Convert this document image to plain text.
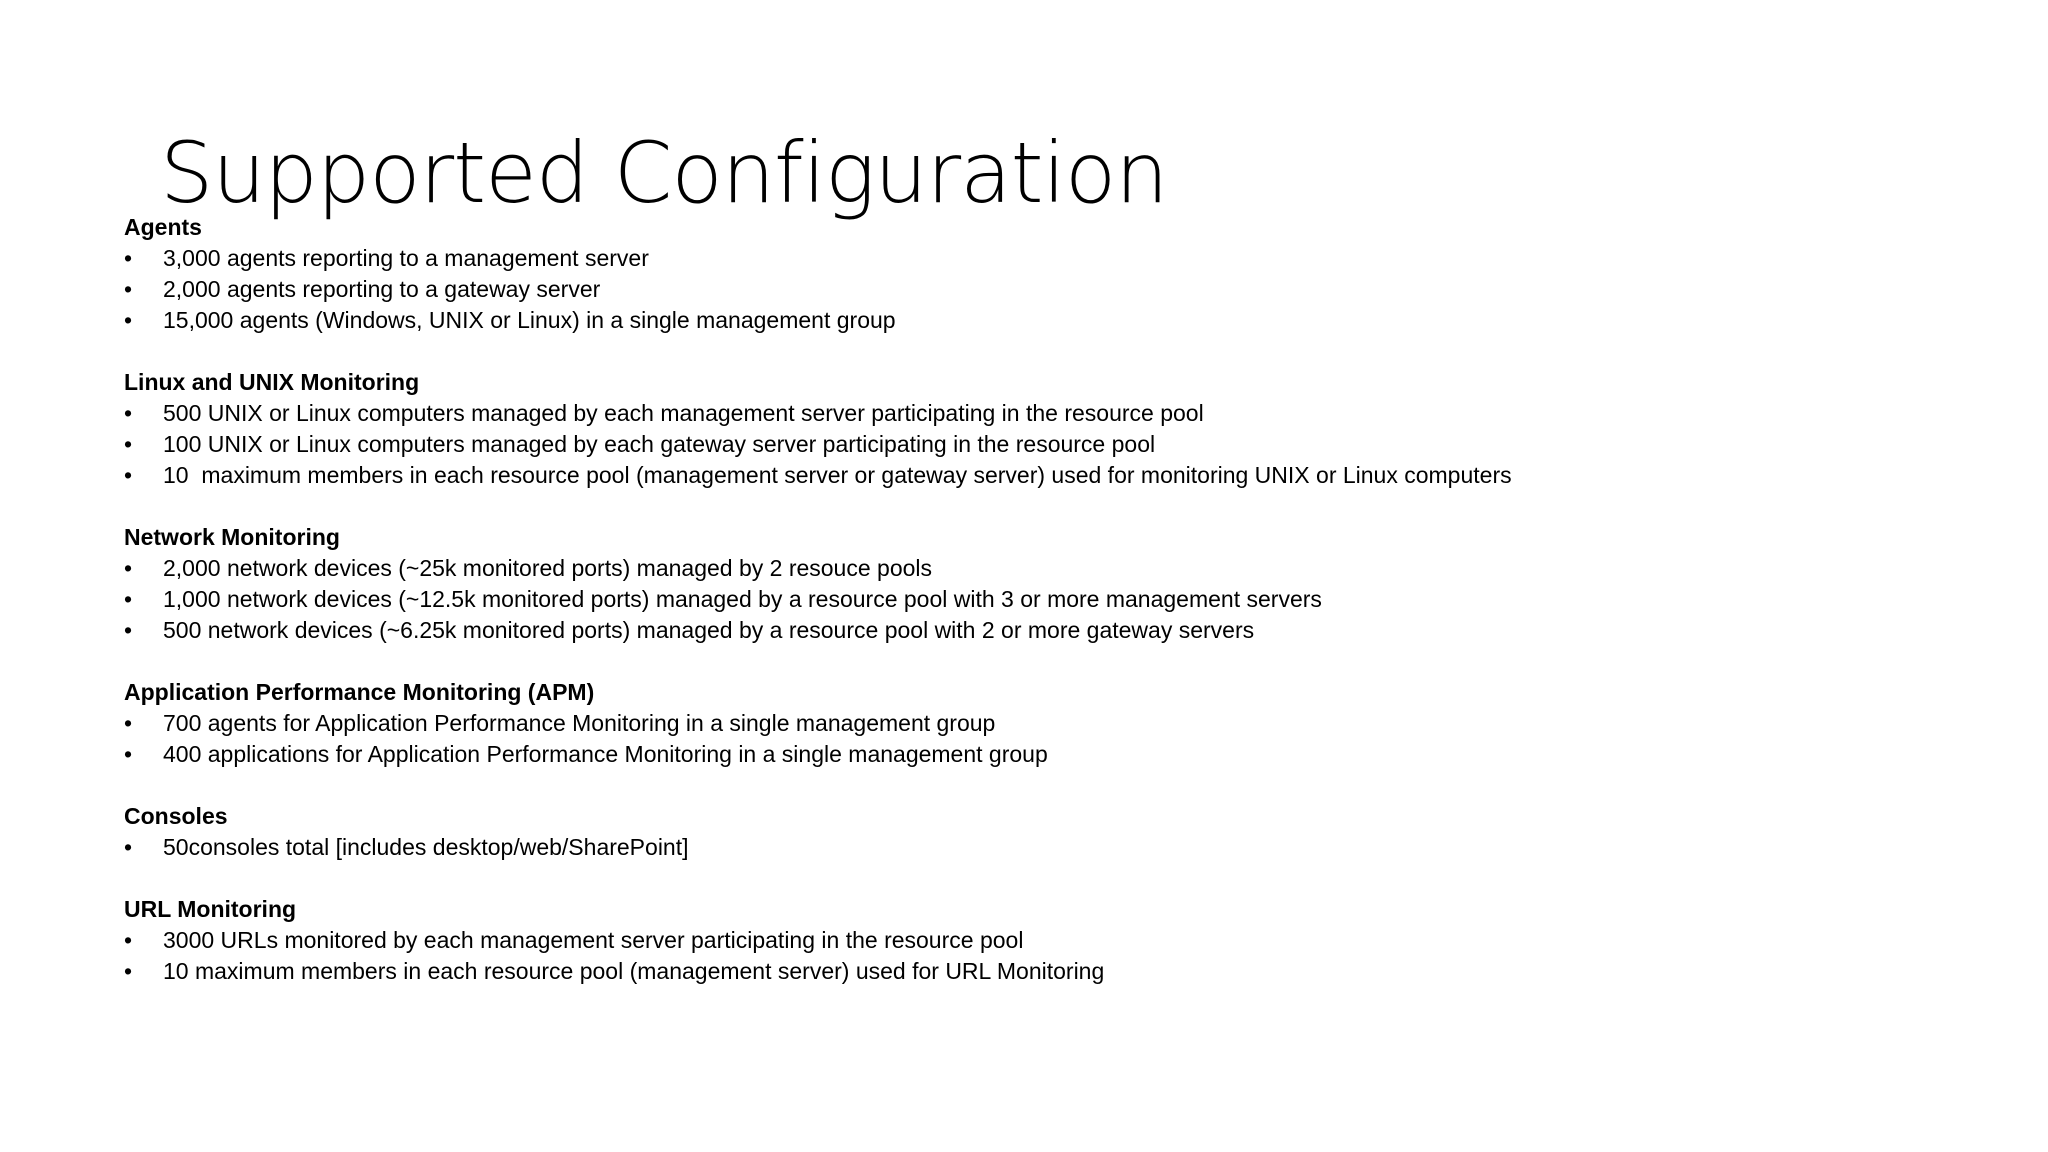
Supported Configuration
Agents
•	3,000 agents reporting to a management server
•	2,000 agents reporting to a gateway server
•	15,000 agents (Windows, UNIX or Linux) in a single management group
Linux and UNIX Monitoring
•	500 UNIX or Linux computers managed by each management server participating in the resource pool
•	100 UNIX or Linux computers managed by each gateway server participating in the resource pool
•	10  maximum members in each resource pool (management server or gateway server) used for monitoring UNIX or Linux computers
Network Monitoring
•	2,000 network devices (~25k monitored ports) managed by 2 resouce pools
•	1,000 network devices (~12.5k monitored ports) managed by a resource pool with 3 or more management servers
•	500 network devices (~6.25k monitored ports) managed by a resource pool with 2 or more gateway servers
Application Performance Monitoring (APM)
•	700 agents for Application Performance Monitoring in a single management group
•	400 applications for Application Performance Monitoring in a single management group
Consoles
•	50consoles total [includes desktop/web/SharePoint]
URL Monitoring
•	3000 URLs monitored by each management server participating in the resource pool
•	10 maximum members in each resource pool (management server) used for URL Monitoring
